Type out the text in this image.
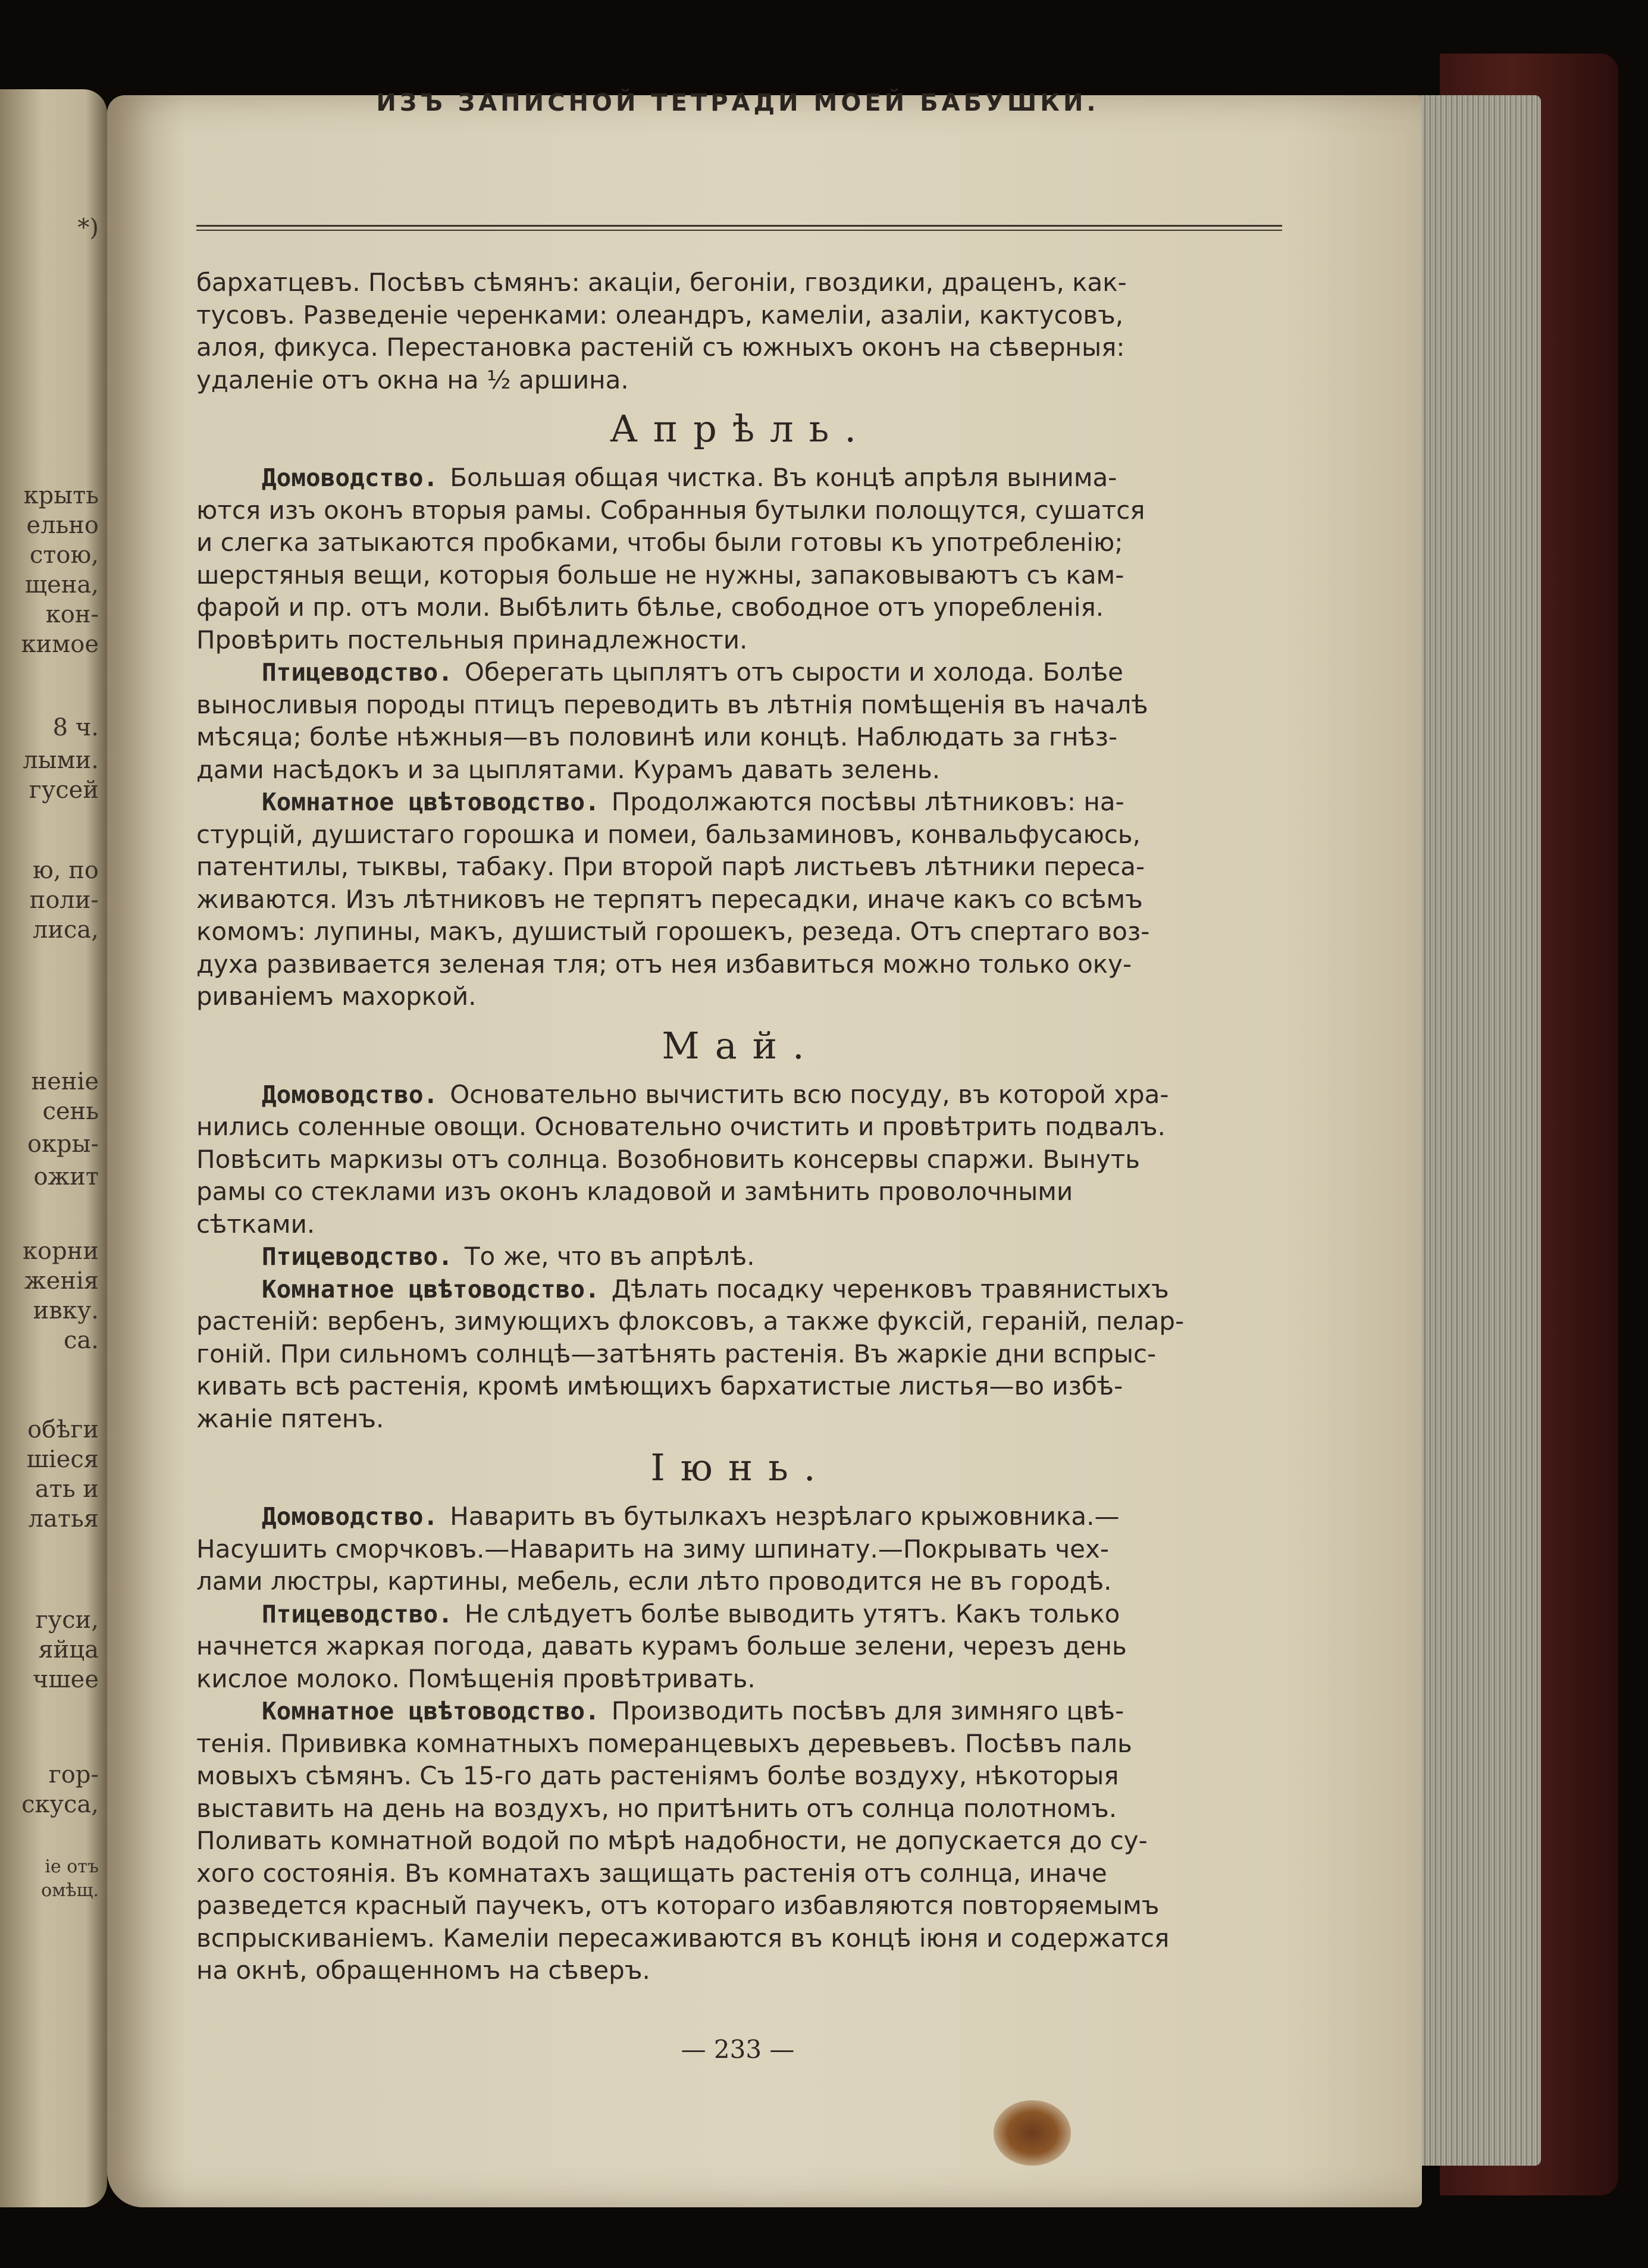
*)
крыть
ельно
стою,
щена,
кон-
кимое
8 ч.
лыми.
гусей
ю, по
поли-
лиса,
неніе
сень
окры-
ожит
корни
женія
ивку.
са.
обѣги
шіеся
ать и
латья
гуси,
яйца
чшее
гор-
скуса,
іе отъ
омѣщ.
ИЗЪ ЗАПИСНОЙ ТЕТРАДИ МОЕЙ БАБУШКИ.
бархатцевъ. Посѣвъ сѣмянъ: акаціи, бегоніи, гвоздики, драценъ, как-
тусовъ. Разведеніе черенками: олеандръ, камеліи, азаліи, кактусовъ,
алоя, фикуса. Перестановка растеній съ южныхъ оконъ на сѣверныя:
удаленіе отъ окна на ½ аршина.
Апрѣль.
Домоводство. Большая общая чистка. Въ концѣ апрѣля вынима-
ются изъ оконъ вторыя рамы. Собранныя бутылки полощутся, сушатся
и слегка затыкаются пробками, чтобы были готовы къ употребленію;
шерстяныя вещи, которыя больше не нужны, запаковываютъ съ кам-
фарой и пр. отъ моли. Выбѣлить бѣлье, свободное отъ упореблeнія.
Провѣрить постельныя принадлежности.
Птицеводство. Оберегать цыплятъ отъ сырости и холода. Болѣе
выносливыя породы птицъ переводить въ лѣтнія помѣщенія въ началѣ
мѣсяца; болѣе нѣжныя—въ половинѣ или концѣ. Наблюдать за гнѣз-
дами насѣдокъ и за цыплятами. Курамъ давать зелень.
Комнатное цвѣтоводство. Продолжаются посѣвы лѣтниковъ: на-
стурцій, душистаго горошка и помеи, бальзаминовъ, конвальфусаюсь,
патентилы, тыквы, табаку. При второй парѣ листьевъ лѣтники переса-
живаются. Изъ лѣтниковъ не терпятъ пересадки, иначе какъ со всѣмъ
комомъ: лупины, макъ, душистый горошекъ, резеда. Отъ спертаго воз-
духа развивается зеленая тля; отъ нея избавиться можно только оку-
риваніемъ махоркой.
Май.
Домоводство. Основательно вычистить всю посуду, въ которой хра-
нились соленные овощи. Основательно очистить и провѣтрить подвалъ.
Повѣсить маркизы отъ солнца. Возобновить консервы спаржи. Вынуть
рамы со стеклами изъ оконъ кладовой и замѣнить проволочными
сѣтками.
Птицеводство. То же, что въ апрѣлѣ.
Комнатное цвѣтоводство. Дѣлать посадку черенковъ травянистыхъ
растеній: вербенъ, зимующихъ флоксовъ, а также фуксій, гераній, пелар-
гоній. При сильномъ солнцѣ—затѣнять растенія. Въ жаркіе дни вспрыс-
кивать всѣ растенія, кромѣ имѣющихъ бархатистые листья—во избѣ-
жаніе пятенъ.
Іюнь.
Домоводство. Наварить въ бутылкахъ незрѣлаго крыжовника.—
Насушить сморчковъ.—Наварить на зиму шпинату.—Покрывать чех-
лами люстры, картины, мебель, если лѣто проводится не въ городѣ.
Птицеводство. Не слѣдуетъ болѣе выводить утятъ. Какъ только
начнется жаркая погода, давать курамъ больше зелени, черезъ день
кислое молоко. Помѣщенія провѣтривать.
Комнатное цвѣтоводство. Производить посѣвъ для зимняго цвѣ-
тенія. Прививка комнатныхъ померанцевыхъ деревьевъ. Посѣвъ паль
мовыхъ сѣмянъ. Съ 15-го дать растеніямъ болѣе воздуху, нѣкоторыя
выставить на день на воздухъ, но притѣнить отъ солнца полотномъ.
Поливать комнатной водой по мѣрѣ надобности, не допускается до су-
хого состоянія. Въ комнатахъ защищать растенія отъ солнца, иначе
разведется красный паучекъ, отъ котораго избавляются повторяемымъ
вспрыскиваніемъ. Камеліи пересаживаются въ концѣ іюня и содержатся
на окнѣ, обращенномъ на сѣверъ.
— 233 —
